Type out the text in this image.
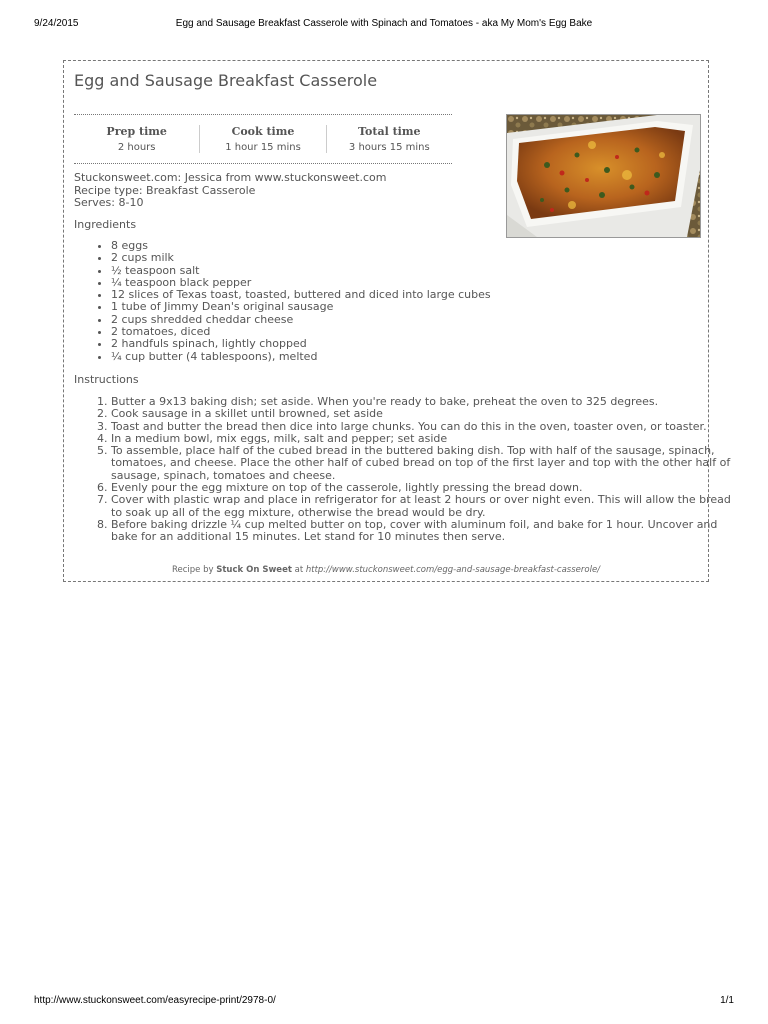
9/24/2015	Egg and Sausage Breakfast Casserole with Spinach and Tomatoes - aka My Mom's Egg Bake
Egg and Sausage Breakfast Casserole
Prep time
2 hours
Cook time
1 hour 15 mins
Total time
3 hours 15 mins
Stuckonsweet.com: Jessica from www.stuckonsweet.com
Recipe type: Breakfast Casserole
Serves: 8-10
Ingredients
• 8 eggs
• 2 cups milk
• ½ teaspoon salt
• ¼ teaspoon black pepper
• 12 slices of Texas toast, toasted, buttered and diced into large cubes
• 1 tube of Jimmy Dean's original sausage
• 2 cups shredded cheddar cheese
• 2 tomatoes, diced
• 2 handfuls spinach, lightly chopped
• ¼ cup butter (4 tablespoons), melted
Instructions
1. Butter a 9x13 baking dish; set aside. When you're ready to bake, preheat the oven to 325 degrees.
2. Cook sausage in a skillet until browned, set aside
3. Toast and butter the bread then dice into large chunks. You can do this in the oven, toaster oven, or toaster.
4. In a medium bowl, mix eggs, milk, salt and pepper; set aside
5. To assemble, place half of the cubed bread in the buttered baking dish. Top with half of the sausage, spinach, tomatoes, and cheese. Place the other half of cubed bread on top of the first layer and top with the other half of sausage, spinach, tomatoes and cheese.
6. Evenly pour the egg mixture on top of the casserole, lightly pressing the bread down.
7. Cover with plastic wrap and place in refrigerator for at least 2 hours or over night even. This will allow the bread to soak up all of the egg mixture, otherwise the bread would be dry.
8. Before baking drizzle ¼ cup melted butter on top, cover with aluminum foil, and bake for 1 hour. Uncover and bake for an additional 15 minutes. Let stand for 10 minutes then serve.
Recipe by Stuck On Sweet at http://www.stuckonsweet.com/egg-and-sausage-breakfast-casserole/
http://www.stuckonsweet.com/easyrecipe-print/2978-0/	1/1
